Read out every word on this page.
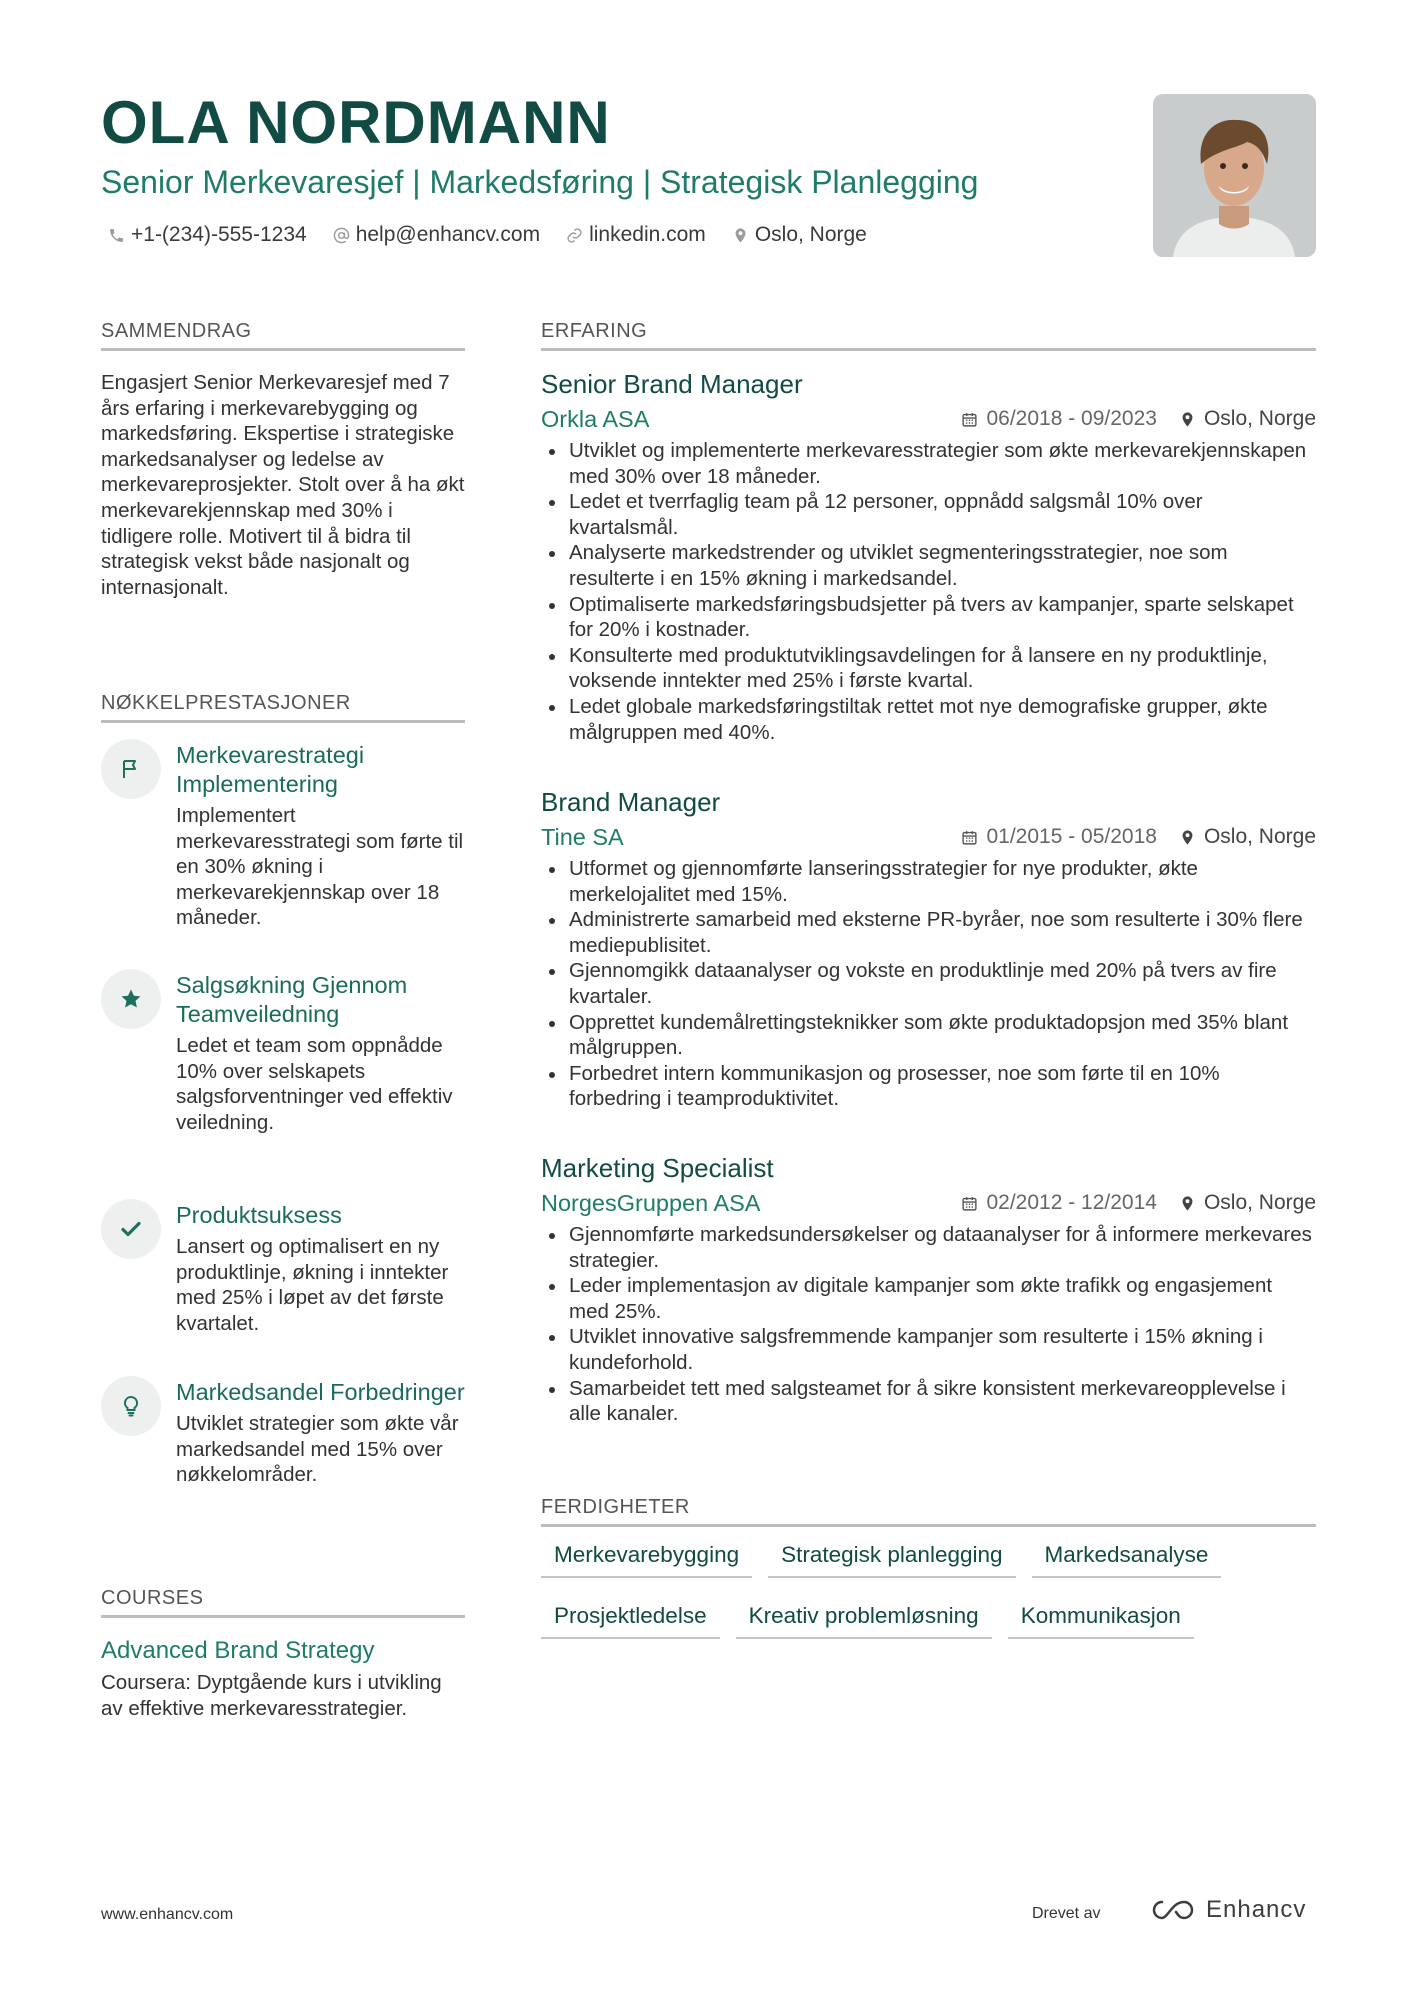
OLA NORDMANN
Senior Merkevaresjef | Markedsføring | Strategisk Planlegging
+1-(234)-555-1234 help@enhancv.com linkedin.com Oslo, Norge
SAMMENDRAG
Engasjert Senior Merkevaresjef med 7 års erfaring i merkevarebygging og markedsføring. Ekspertise i strategiske markedsanalyser og ledelse av merkevareprosjekter. Stolt over å ha økt merkevarekjennskap med 30% i tidligere rolle. Motivert til å bidra til strategisk vekst både nasjonalt og internasjonalt.
NØKKELPRESTASJONER
Merkevarestrategi Implementering
Implementert merkevaresstrategi som førte til en 30% økning i merkevarekjennskap over 18 måneder.
Salgsøkning Gjennom Teamveiledning
Ledet et team som oppnådde 10% over selskapets salgsforventninger ved effektiv veiledning.
Produktsuksess
Lansert og optimalisert en ny produktlinje, økning i inntekter med 25% i løpet av det første kvartalet.
Markedsandel Forbedringer
Utviklet strategier som økte vår markedsandel med 15% over nøkkelområder.
COURSES
Advanced Brand Strategy
Coursera: Dyptgående kurs i utvikling av effektive merkevaresstrategier.
ERFARING
Senior Brand Manager
Orkla ASA	06/2018 - 09/2023 Oslo, Norge
Utviklet og implementerte merkevaresstrategier som økte merkevarekjennskapen med 30% over 18 måneder.
Ledet et tverrfaglig team på 12 personer, oppnådd salgsmål 10% over kvartalsmål.
Analyserte markedstrender og utviklet segmenteringsstrategier, noe som resulterte i en 15% økning i markedsandel.
Optimaliserte markedsføringsbudsjetter på tvers av kampanjer, sparte selskapet for 20% i kostnader.
Konsulterte med produktutviklingsavdelingen for å lansere en ny produktlinje, voksende inntekter med 25% i første kvartal.
Ledet globale markedsføringstiltak rettet mot nye demografiske grupper, økte målgruppen med 40%.
Brand Manager
Tine SA	01/2015 - 05/2018 Oslo, Norge
Utformet og gjennomførte lanseringsstrategier for nye produkter, økte merkelojalitet med 15%.
Administrerte samarbeid med eksterne PR-byråer, noe som resulterte i 30% flere mediepublisitet.
Gjennomgikk dataanalyser og vokste en produktlinje med 20% på tvers av fire kvartaler.
Opprettet kundemålrettingsteknikker som økte produktadopsjon med 35% blant målgruppen.
Forbedret intern kommunikasjon og prosesser, noe som førte til en 10% forbedring i teamproduktivitet.
Marketing Specialist
NorgesGruppen ASA	02/2012 - 12/2014 Oslo, Norge
Gjennomførte markedsundersøkelser og dataanalyser for å informere merkevares strategier.
Leder implementasjon av digitale kampanjer som økte trafikk og engasjement med 25%.
Utviklet innovative salgsfremmende kampanjer som resulterte i 15% økning i kundeforhold.
Samarbeidet tett med salgsteamet for å sikre konsistent merkevareopplevelse i alle kanaler.
FERDIGHETER
Merkevarebygging	Strategisk planlegging	Markedsanalyse
Prosjektledelse	Kreativ problemløsning	Kommunikasjon
www.enhancv.com	Drevet av	Enhancv
